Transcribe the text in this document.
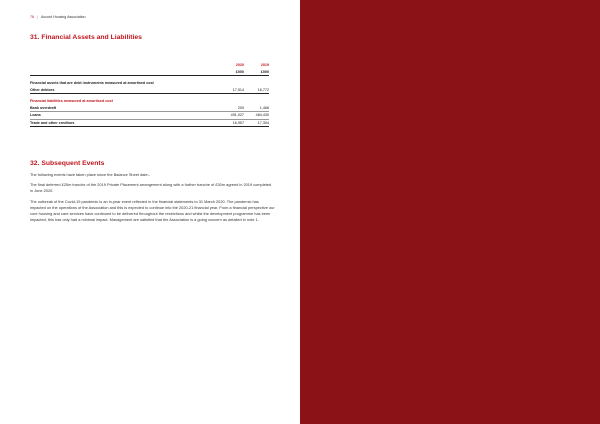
76 | Accord Housing Association
31. Financial Assets and Liabilities
	2020	2019
	£000	£000

Financial assets that are debt instruments measured at amortised cost		
Other debtors	17,514	16,772

Financial liabilities measured at amortised cost		
Bank overdraft	209	1,466
Loans	491,027	484,430
Trade and other creditors	16,957	17,304
32. Subsequent Events
The following events have taken place since the Balance Sheet date:-
The final deferred £25m tranche of the 2019 Private Placement arrangement along with a further tranche of £30m agreed in 2019 completed in June 2020.
The outbreak of the Covid-19 pandemic is an in-year event reflected in the financial statements to 31 March 2020. The pandemic has impacted on the operations of the Association and this is expected to continue into the 2020-21 financial year. From a financial perspective our core housing and care services have continued to be delivered throughout the restrictions and whilst the development programme has been impacted, this has only had a minimal impact. Management are satisfied that the Association is a going concern as detailed in note 1.
